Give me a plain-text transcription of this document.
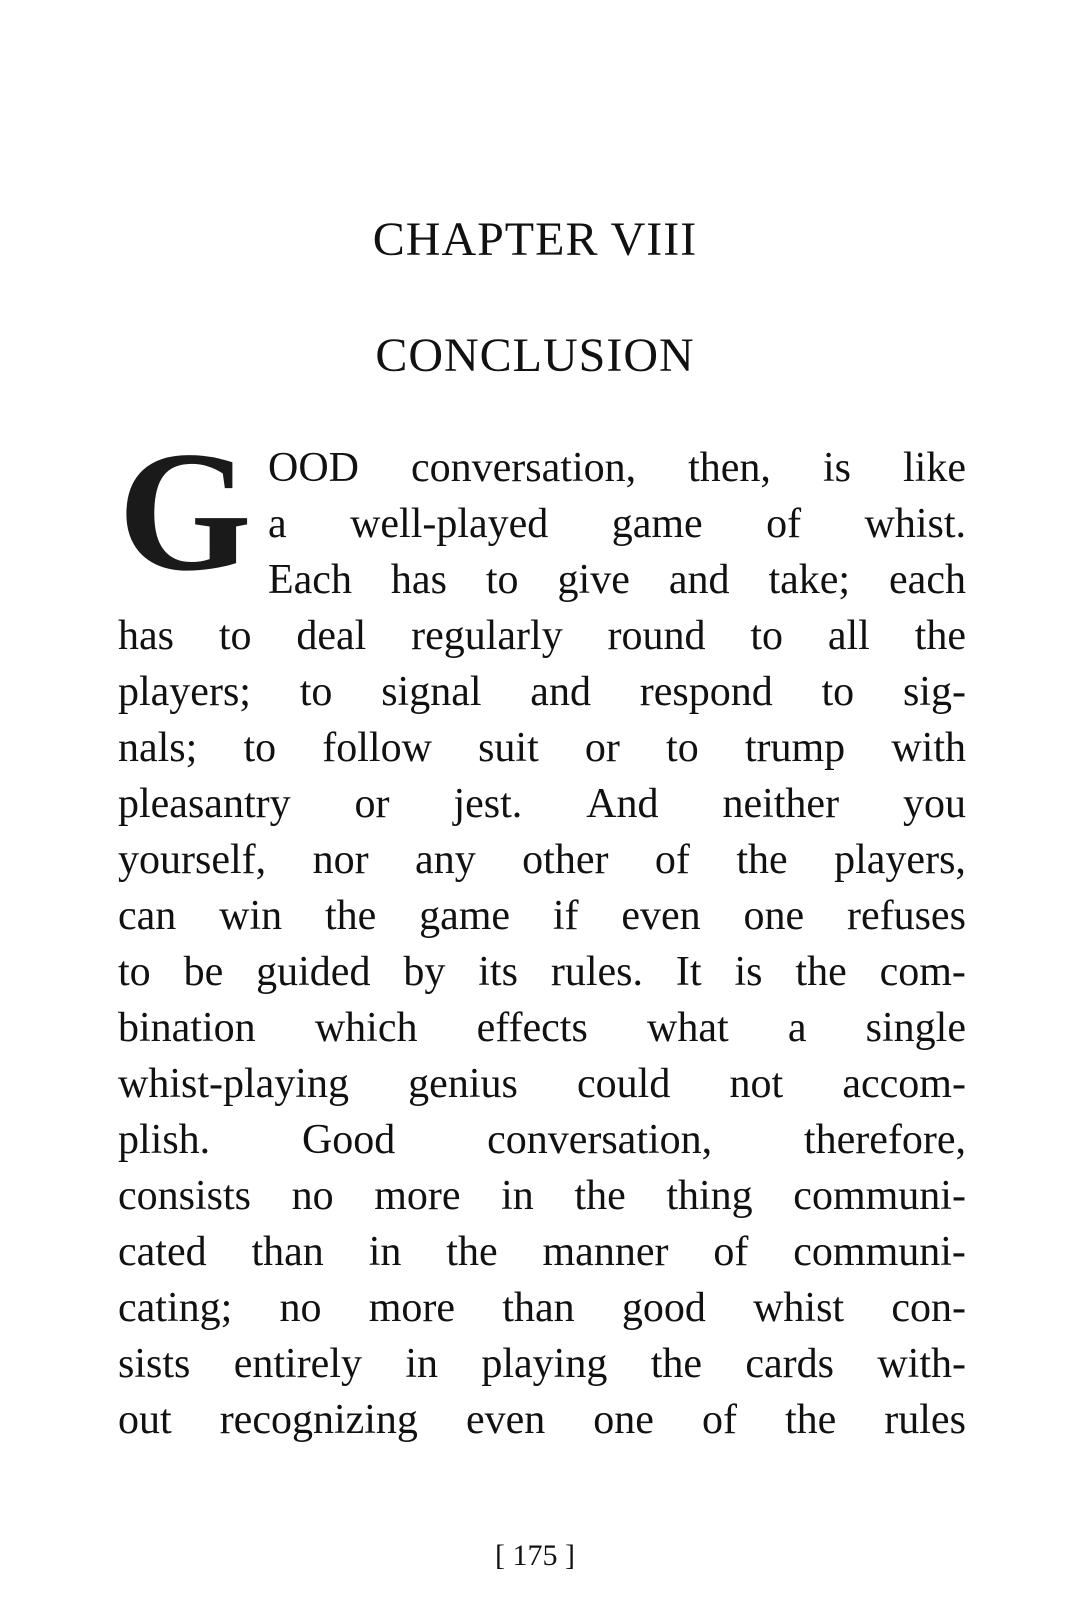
CHAPTER VIII
CONCLUSION
G OOD conversation, then, is like
a well-played game of whist.
Each has to give and take; each
has to deal regularly round to all the
players; to signal and respond to sig-
nals; to follow suit or to trump with
pleasantry or jest. And neither you
yourself, nor any other of the players,
can win the game if even one refuses
to be guided by its rules. It is the com-
bination which effects what a single
whist-playing genius could not accom-
plish. Good conversation, therefore,
consists no more in the thing communi-
cated than in the manner of communi-
cating; no more than good whist con-
sists entirely in playing the cards with-
out recognizing even one of the rules
[ 175 ]
